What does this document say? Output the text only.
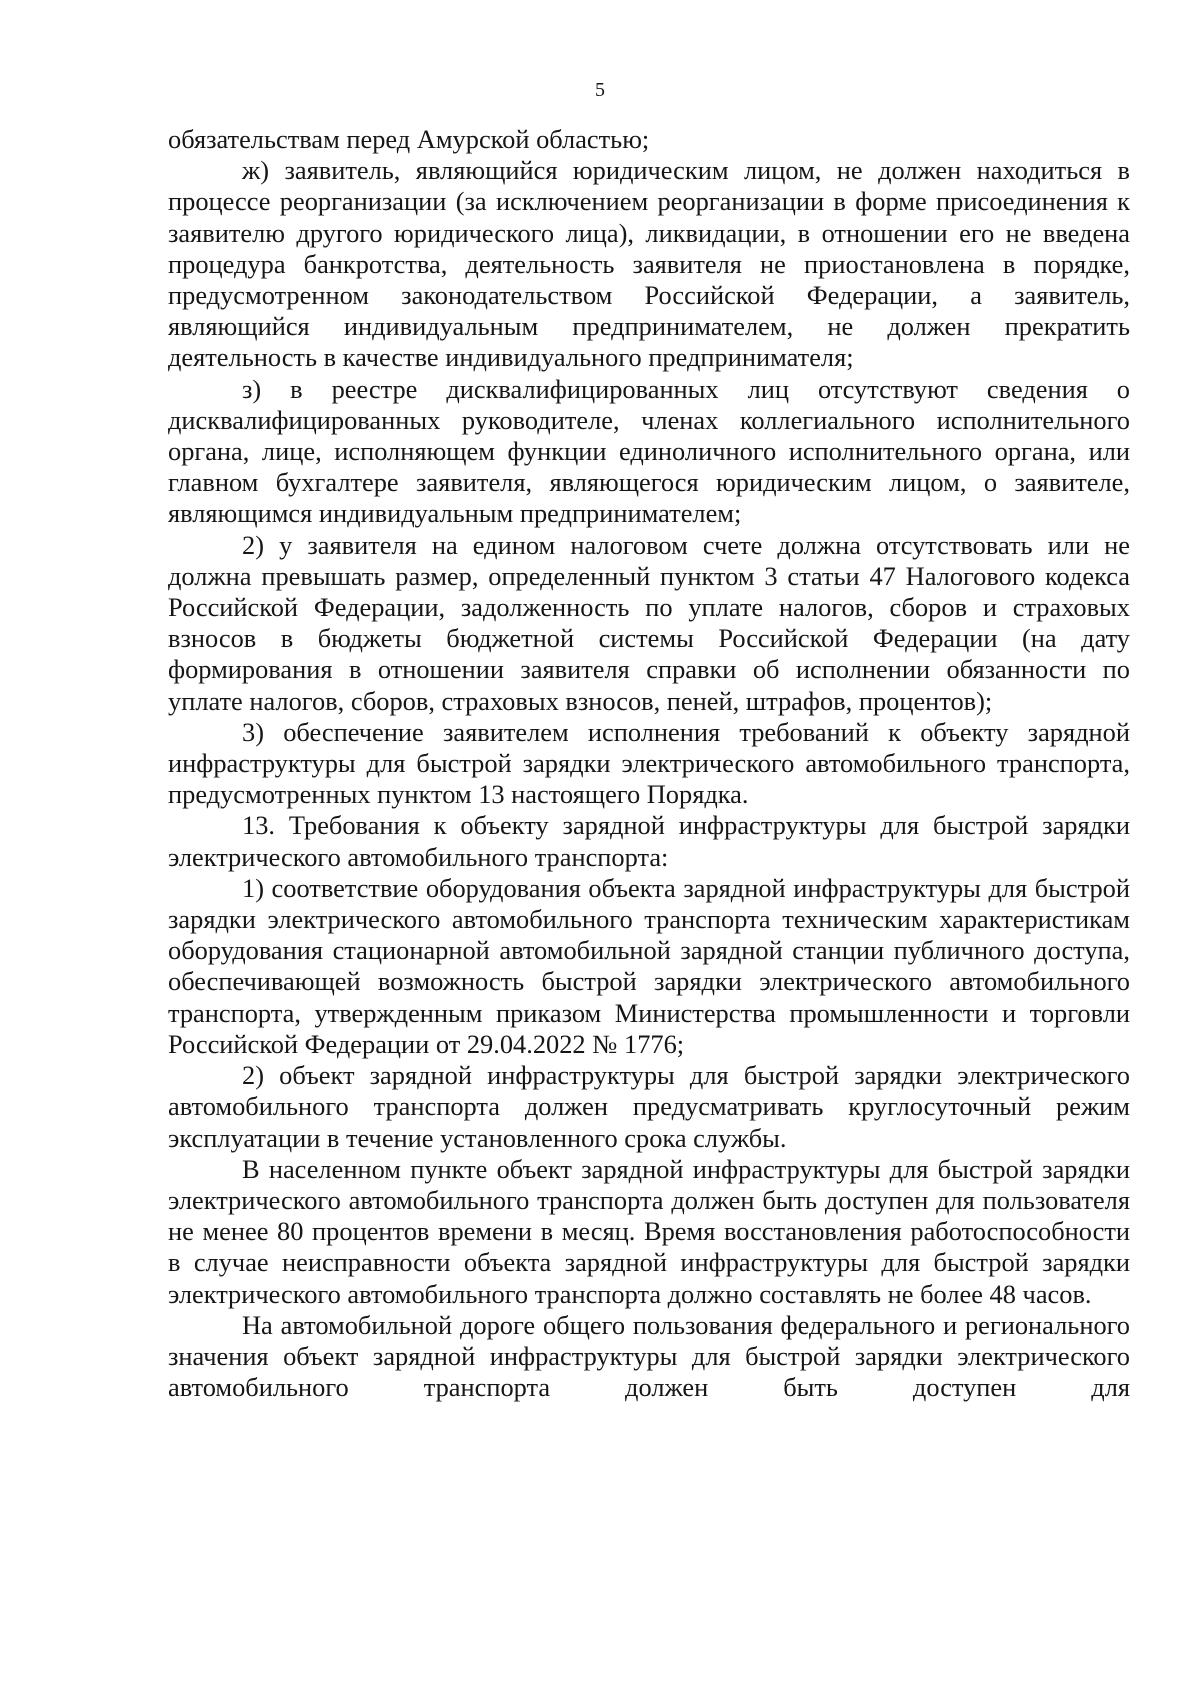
5

обязательствам перед Амурской областью;

ж) заявитель, являющийся юридическим лицом, не должен находиться в процессе реорганизации (за исключением реорганизации в форме присоединения к заявителю другого юридического лица), ликвидации, в отношении его не введена процедура банкротства, деятельность заявителя не приостановлена в порядке, предусмотренном законодательством Российской Федерации, а заявитель, являющийся индивидуальным предпринимателем, не должен прекратить деятельность в качестве индивидуального предпринимателя;

з) в реестре дисквалифицированных лиц отсутствуют сведения о дисквалифицированных руководителе, членах коллегиального исполнительного органа, лице, исполняющем функции единоличного исполнительного органа, или главном бухгалтере заявителя, являющегося юридическим лицом, о заявителе, являющимся индивидуальным предпринимателем;

2) у заявителя на едином налоговом счете должна отсутствовать или не должна превышать размер, определенный пунктом 3 статьи 47 Налогового кодекса Российской Федерации, задолженность по уплате налогов, сборов и страховых взносов в бюджеты бюджетной системы Российской Федерации (на дату формирования в отношении заявителя справки об исполнении обязанности по уплате налогов, сборов, страховых взносов, пеней, штрафов, процентов);

3) обеспечение заявителем исполнения требований к объекту зарядной инфраструктуры для быстрой зарядки электрического автомобильного транспорта, предусмотренных пунктом 13 настоящего Порядка.

13. Требования к объекту зарядной инфраструктуры для быстрой зарядки электрического автомобильного транспорта:

1) соответствие оборудования объекта зарядной инфраструктуры для быстрой зарядки электрического автомобильного транспорта техническим характеристикам оборудования стационарной автомобильной зарядной станции публичного доступа, обеспечивающей возможность быстрой зарядки электрического автомобильного транспорта, утвержденным приказом Министерства промышленности и торговли Российской Федерации от 29.04.2022 № 1776;

2) объект зарядной инфраструктуры для быстрой зарядки электрического автомобильного транспорта должен предусматривать круглосуточный режим эксплуатации в течение установленного срока службы.

В населенном пункте объект зарядной инфраструктуры для быстрой зарядки электрического автомобильного транспорта должен быть доступен для пользователя не менее 80 процентов времени в месяц. Время восстановления работоспособности в случае неисправности объекта зарядной инфраструктуры для быстрой зарядки электрического автомобильного транспорта должно составлять не более 48 часов.

На автомобильной дороге общего пользования федерального и регионального значения объект зарядной инфраструктуры для быстрой зарядки электрического автомобильного транспорта должен быть доступен для
